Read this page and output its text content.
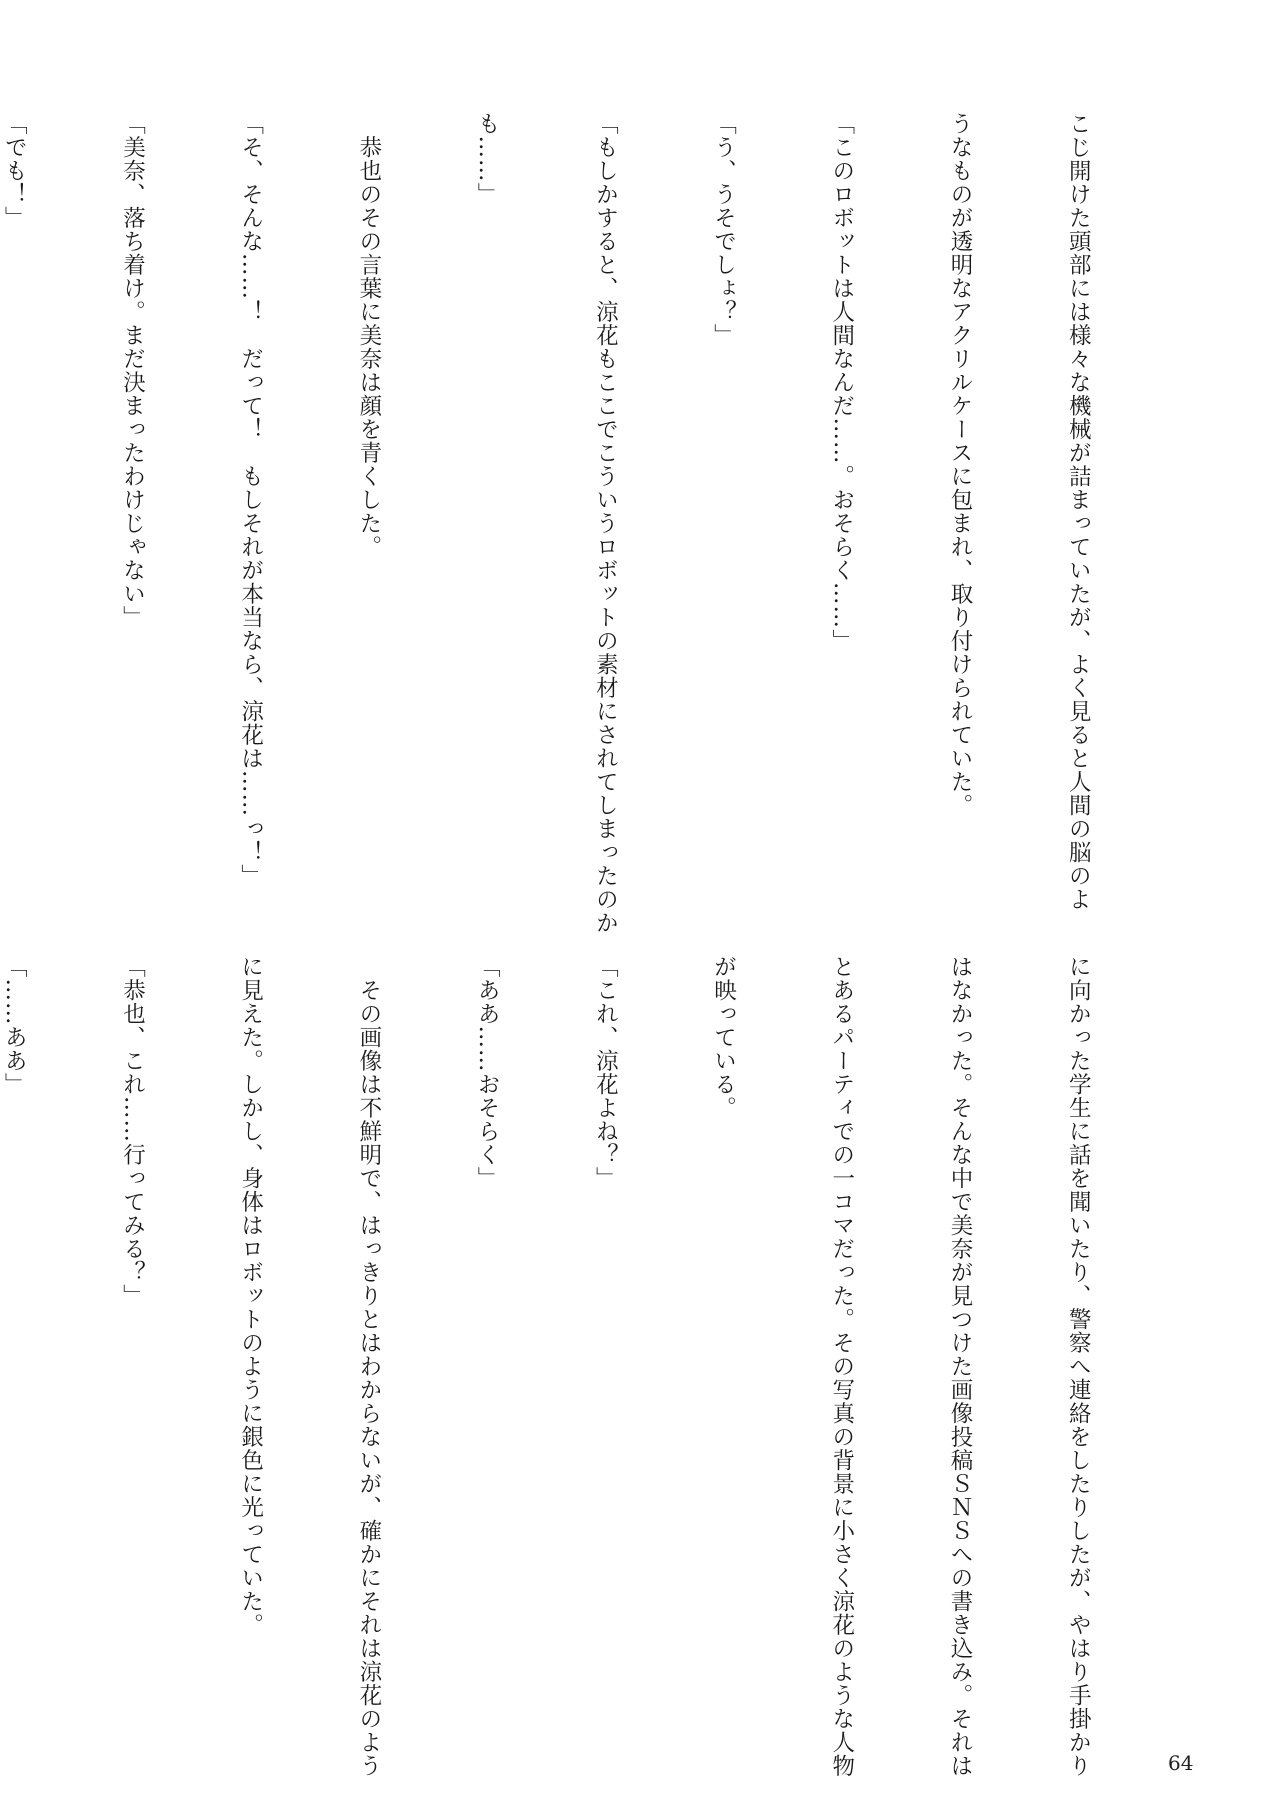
こじ開けた頭部には様々な機械が詰まっていたが、よく見ると人間の脳のよ

うなものが透明なアクリルケースに包まれ、取り付けられていた。

「このロボットは人間なんだ……。おそらく……」

「う、うそでしょ？」

「もしかすると、涼花もここでこういうロボットの素材にされてしまったのか

も……」

　恭也のその言葉に美奈は顔を青くした。

「そ、そんな……！　だって！　もしそれが本当なら、涼花は……っ！」

「美奈、落ち着け。まだ決まったわけじゃない」

「でも！」

に向かった学生に話を聞いたり、警察へ連絡をしたりしたが、やはり手掛かり

はなかった。そんな中で美奈が見つけた画像投稿ＳＮＳへの書き込み。それは

とあるパーティでの一コマだった。その写真の背景に小さく涼花のような人物

が映っている。

「これ、涼花よね？」

「ああ……おそらく」

　その画像は不鮮明で、はっきりとはわからないが、確かにそれは涼花のよう

に見えた。しかし、身体はロボットのように銀色に光っていた。

「恭也、これ……行ってみる？」

「……ああ」

64
